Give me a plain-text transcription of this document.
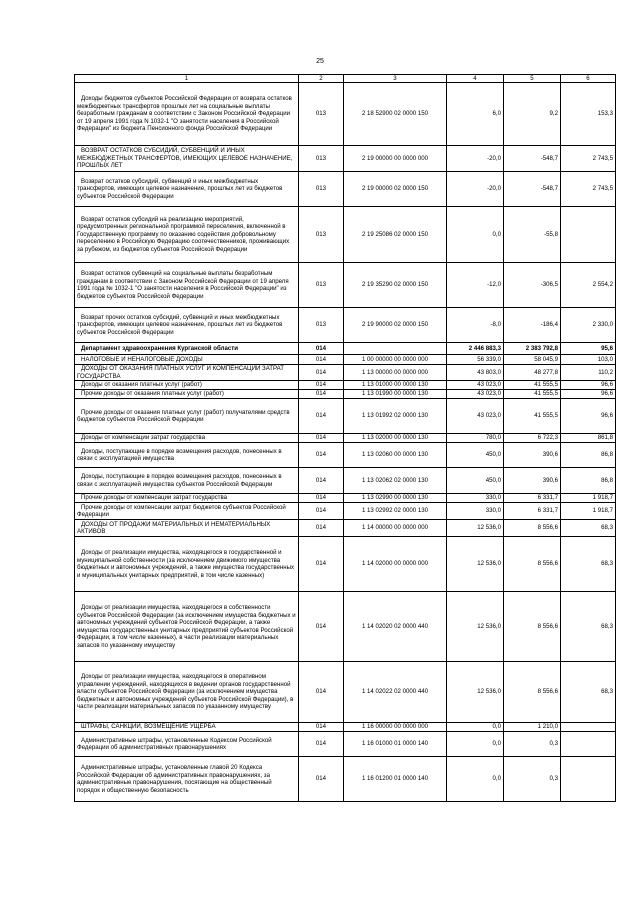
25
1	2	3	4	5	6
Доходы бюджетов субъектов Российской Федерации от возврата остатков межбюджетных трансфертов прошлых лет на социальные выплаты безработным гражданам в соответствии с Законом Российской Федерации от 19 апреля 1991 года N 1032-1 "О занятости населения в Российской Федерации" из бюджета Пенсионного фонда Российской Федерации	013	2 18 52900 02 0000 150	6,0	9,2	153,3
ВОЗВРАТ ОСТАТКОВ СУБСИДИЙ, СУБВЕНЦИЙ И ИНЫХ МЕЖБЮДЖЕТНЫХ ТРАНСФЕРТОВ, ИМЕЮЩИХ ЦЕЛЕВОЕ НАЗНАЧЕНИЕ, ПРОШЛЫХ ЛЕТ	013	2 19 00000 00 0000 000	-20,0	-548,7	2 743,5
Возврат остатков субсидий, субвенций и иных межбюджетных трансфертов, имеющих целевое назначение, прошлых лет из бюджетов субъектов Российской Федерации	013	2 19 00000 02 0000 150	-20,0	-548,7	2 743,5
Возврат остатков субсидий на реализацию мероприятий, предусмотренных региональной программой переселения, включенной в Государственную программу по оказанию содействия добровольному переселению в Российскую Федерацию соотечественников, проживающих за рубежом, из бюджетов субъектов Российской Федерации	013	2 19 25086 02 0000 150	0,0	-55,8	
Возврат остатков субвенций на социальные выплаты безработным гражданам в соответствии с Законом Российской Федерации от 19 апреля 1991 года № 1032-1 "О занятости населения в Российской Федерации" из бюджетов субъектов Российской Федерации	013	2 19 35290 02 0000 150	-12,0	-306,5	2 554,2
Возврат прочих остатков субсидий, субвенций и иных межбюджетных трансфертов, имеющих целевое назначение, прошлых лет из бюджетов субъектов Российской Федерации	013	2 19 90000 02 0000 150	-8,0	-186,4	2 330,0
Департамент здравоохранения Курганской области	014		2 446 883,3	2 383 792,8	95,6
НАЛОГОВЫЕ И НЕНАЛОГОВЫЕ ДОХОДЫ	014	1 00 00000 00 0000 000	56 339,0	58 045,9	103,0
ДОХОДЫ ОТ ОКАЗАНИЯ ПЛАТНЫХ УСЛУГ И КОМПЕНСАЦИИ ЗАТРАТ ГОСУДАРСТВА	014	1 13 00000 00 0000 000	43 803,0	48 277,8	110,2
Доходы от оказания платных услуг (работ)	014	1 13 01000 00 0000 130	43 023,0	41 555,5	96,6
Прочие доходы от оказания платных услуг (работ)	014	1 13 01990 00 0000 130	43 023,0	41 555,5	96,6
Прочие доходы от оказания платных услуг (работ) получателями средств бюджетов субъектов Российской Федерации	014	1 13 01992 02 0000 130	43 023,0	41 555,5	96,6
Доходы от компенсации затрат государства	014	1 13 02000 00 0000 130	780,0	6 722,3	861,8
Доходы, поступающие в порядке возмещения расходов, понесенных в связи с эксплуатацией имущества	014	1 13 02060 00 0000 130	450,0	390,6	86,8
Доходы, поступающие в порядке возмещения расходов, понесенных в связи с эксплуатацией имущества субъектов Российской Федерации	014	1 13 02062 02 0000 130	450,0	390,6	86,8
Прочие доходы от компенсации затрат государства	014	1 13 02990 00 0000 130	330,0	6 331,7	1 918,7
Прочие доходы от компенсации затрат бюджетов субъектов Российской Федерации	014	1 13 02992 02 0000 130	330,0	6 331,7	1 918,7
ДОХОДЫ ОТ ПРОДАЖИ МАТЕРИАЛЬНЫХ И НЕМАТЕРИАЛЬНЫХ АКТИВОВ	014	1 14 00000 00 0000 000	12 536,0	8 556,6	68,3
Доходы от реализации имущества, находящегося в государственной и муниципальной собственности (за исключением движимого имущества бюджетных и автономных учреждений, а также имущества государственных и муниципальных унитарных предприятий, в том числе казенных)	014	1 14 02000 00 0000 000	12 536,0	8 556,6	68,3
Доходы от реализации имущества, находящегося в собственности субъектов Российской Федерации (за исключением имущества бюджетных и автономных учреждений субъектов Российской Федерации, а также имущества государственных унитарных предприятий субъектов Российской Федерации, в том числе казенных), в части реализации материальных запасов по указанному имуществу	014	1 14 02020 02 0000 440	12 536,0	8 556,6	68,3
Доходы от реализации имущества, находящегося в оперативном управлении учреждений, находящихся в ведении органов государственной власти субъектов Российской Федерации (за исключением имущества бюджетных и автономных учреждений субъектов Российской Федерации), в части реализации материальных запасов по указанному имуществу	014	1 14 02022 02 0000 440	12 536,0	8 556,6	68,3
ШТРАФЫ, САНКЦИИ, ВОЗМЕЩЕНИЕ УЩЕРБА	014	1 16 00000 00 0000 000	0,0	1 210,0	
Административные штрафы, установленные Кодексом Российской Федерации об административных правонарушениях	014	1 16 01000 01 0000 140	0,0	0,3	
Административные штрафы, установленные главой 20 Кодекса Российской Федерации об административных правонарушениях, за административные правонарушения, посягающие на общественный порядок и общественную безопасность	014	1 16 01200 01 0000 140	0,0	0,3	
